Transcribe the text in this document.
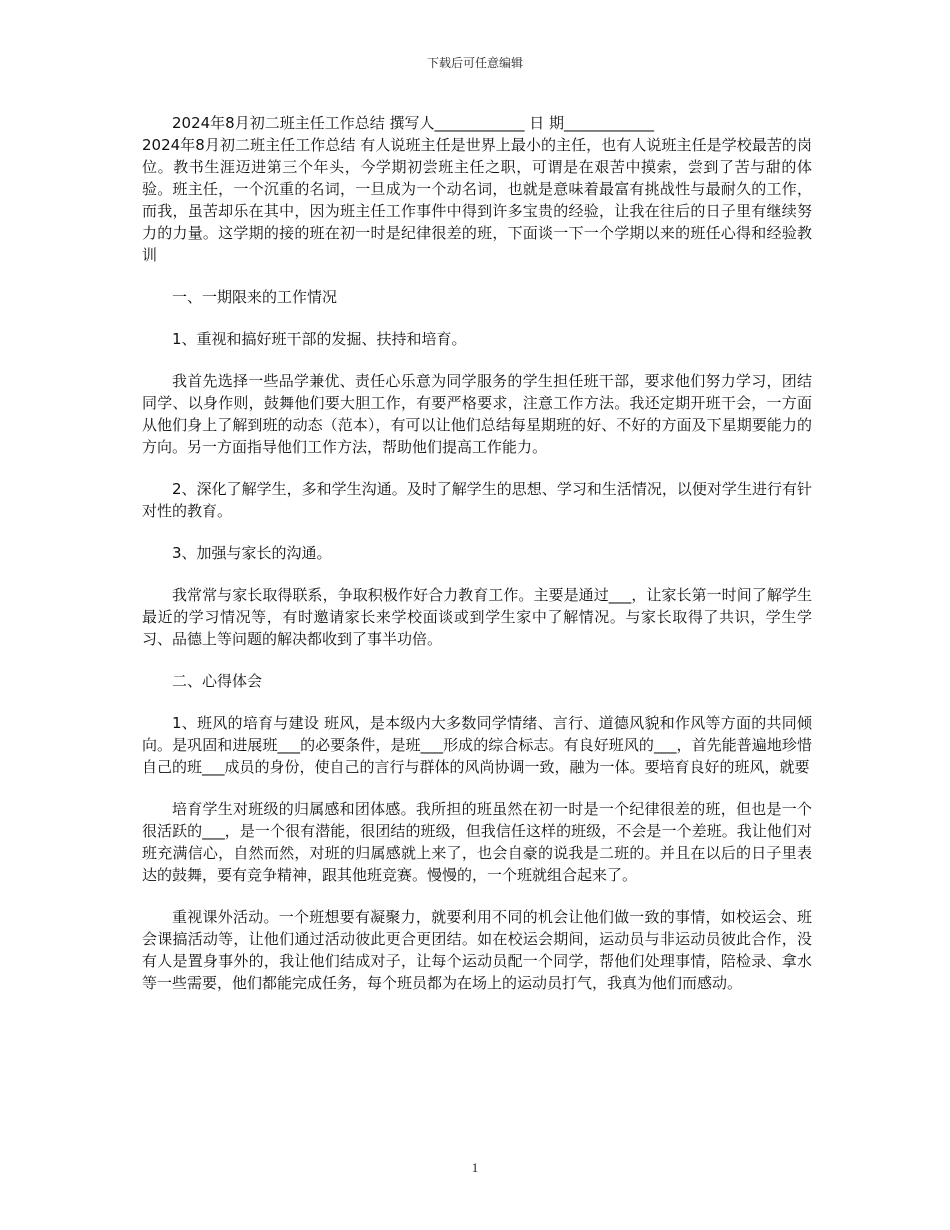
下载后可任意编辑

2024年8月初二班主任工作总结 撰写人____________ 日 期____________

2024年8月初二班主任工作总结 有人说班主任是世界上最小的主任，也有人说班主任是学校最苦的岗位。教书生涯迈进第三个年头，今学期初尝班主任之职，可谓是在艰苦中摸索，尝到了苦与甜的体验。班主任，一个沉重的名词，一旦成为一个动名词，也就是意味着最富有挑战性与最耐久的工作，而我，虽苦却乐在其中，因为班主任工作事件中得到许多宝贵的经验，让我在往后的日子里有继续努力的力量。这学期的接的班在初一时是纪律很差的班，下面谈一下一个学期以来的班任心得和经验教训

一、一期限来的工作情况

1、重视和搞好班干部的发掘、扶持和培育。

我首先选择一些品学兼优、责任心乐意为同学服务的学生担任班干部，要求他们努力学习，团结同学、以身作则，鼓舞他们要大胆工作，有要严格要求，注意工作方法。我还定期开班干会，一方面从他们身上了解到班的动态（范本），有可以让他们总结每星期班的好、不好的方面及下星期要能力的方向。另一方面指导他们工作方法，帮助他们提高工作能力。

2、深化了解学生，多和学生沟通。及时了解学生的思想、学习和生活情况，以便对学生进行有针对性的教育。

3、加强与家长的沟通。

我常常与家长取得联系，争取积极作好合力教育工作。主要是通过___，让家长第一时间了解学生最近的学习情况等，有时邀请家长来学校面谈或到学生家中了解情况。与家长取得了共识，学生学习、品德上等问题的解决都收到了事半功倍。

二、心得体会

1、班风的培育与建设 班风，是本级内大多数同学情绪、言行、道德风貌和作风等方面的共同倾向。是巩固和进展班___的必要条件，是班___形成的综合标志。有良好班风的___，首先能普遍地珍惜自己的班___成员的身份，使自己的言行与群体的风尚协调一致，融为一体。要培育良好的班风，就要

培育学生对班级的归属感和团体感。我所担的班虽然在初一时是一个纪律很差的班，但也是一个很活跃的___，是一个很有潜能，很团结的班级，但我信任这样的班级，不会是一个差班。我让他们对班充满信心，自然而然，对班的归属感就上来了，也会自豪的说我是二班的。并且在以后的日子里表达的鼓舞，要有竞争精神，跟其他班竞赛。慢慢的，一个班就组合起来了。

重视课外活动。一个班想要有凝聚力，就要利用不同的机会让他们做一致的事情，如校运会、班会课搞活动等，让他们通过活动彼此更合更团结。如在校运会期间，运动员与非运动员彼此合作，没有人是置身事外的，我让他们结成对子，让每个运动员配一个同学，帮他们处理事情，陪检录、拿水等一些需要，他们都能完成任务，每个班员都为在场上的运动员打气，我真为他们而感动。

1
